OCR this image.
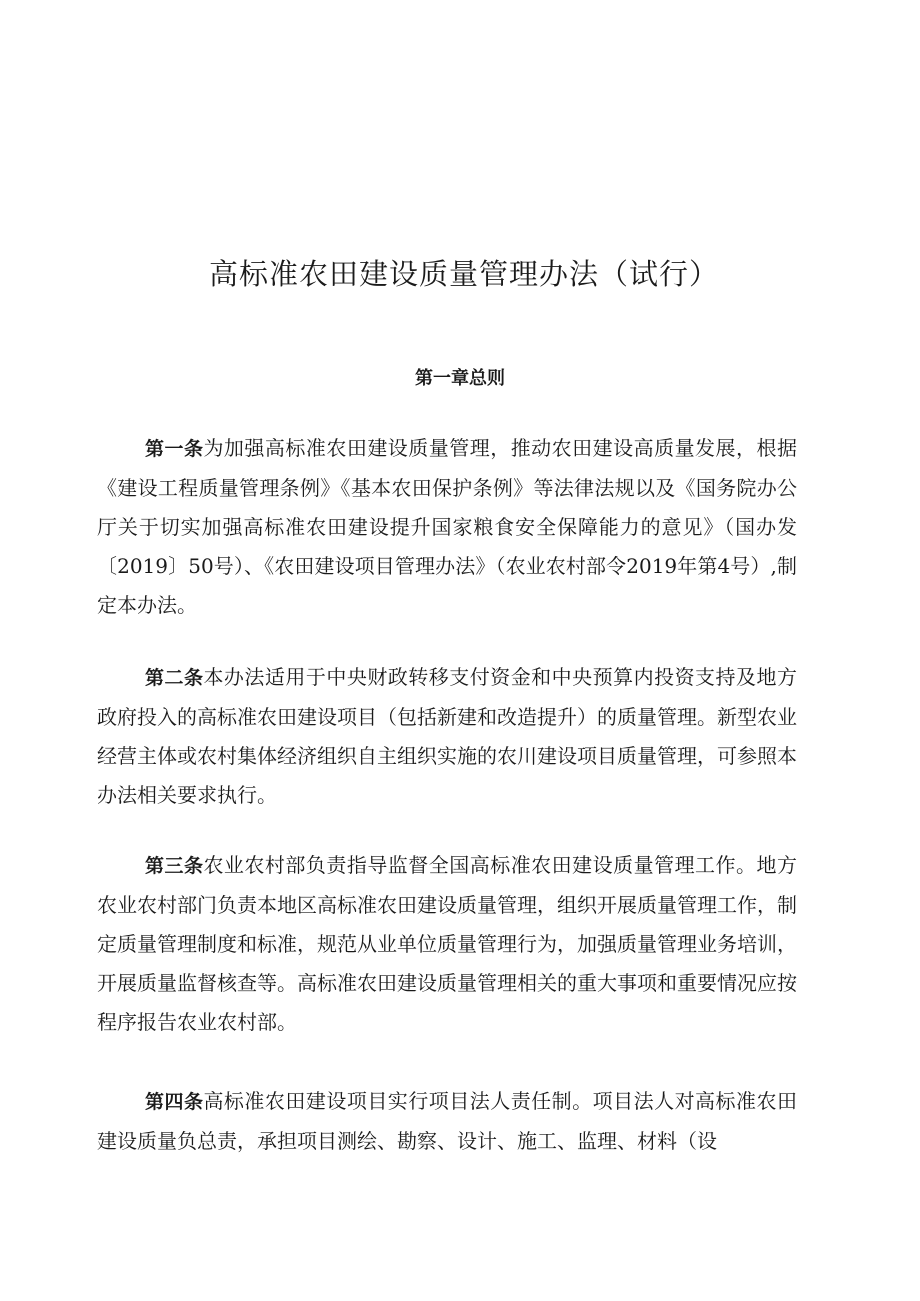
高标准农田建设质量管理办法（试行）
第一章总则

第一条为加强高标准农田建设质量管理，推动农田建设高质量发展，根据《建设工程质量管理条例》《基本农田保护条例》等法律法规以及《国务院办公厅关于切实加强高标准农田建设提升国家粮食安全保障能力的意见》（国办发〔2019〕50号）、《农田建设项目管理办法》（农业农村部令2019年第4号）,制定本办法。

第二条本办法适用于中央财政转移支付资金和中央预算内投资支持及地方政府投入的高标准农田建设项目（包括新建和改造提升）的质量管理。新型农业经营主体或农村集体经济组织自主组织实施的农川建设项目质量管理，可参照本办法相关要求执行。

第三条农业农村部负责指导监督全国高标准农田建设质量管理工作。地方农业农村部门负责本地区高标准农田建设质量管理，组织开展质量管理工作，制定质量管理制度和标准，规范从业单位质量管理行为，加强质量管理业务培训，开展质量监督核查等。高标准农田建设质量管理相关的重大事项和重要情况应按程序报告农业农村部。

第四条高标准农田建设项目实行项目法人责任制。项目法人对高标准农田建设质量负总责，承担项目测绘、勘察、设计、施工、监理、材料（设
